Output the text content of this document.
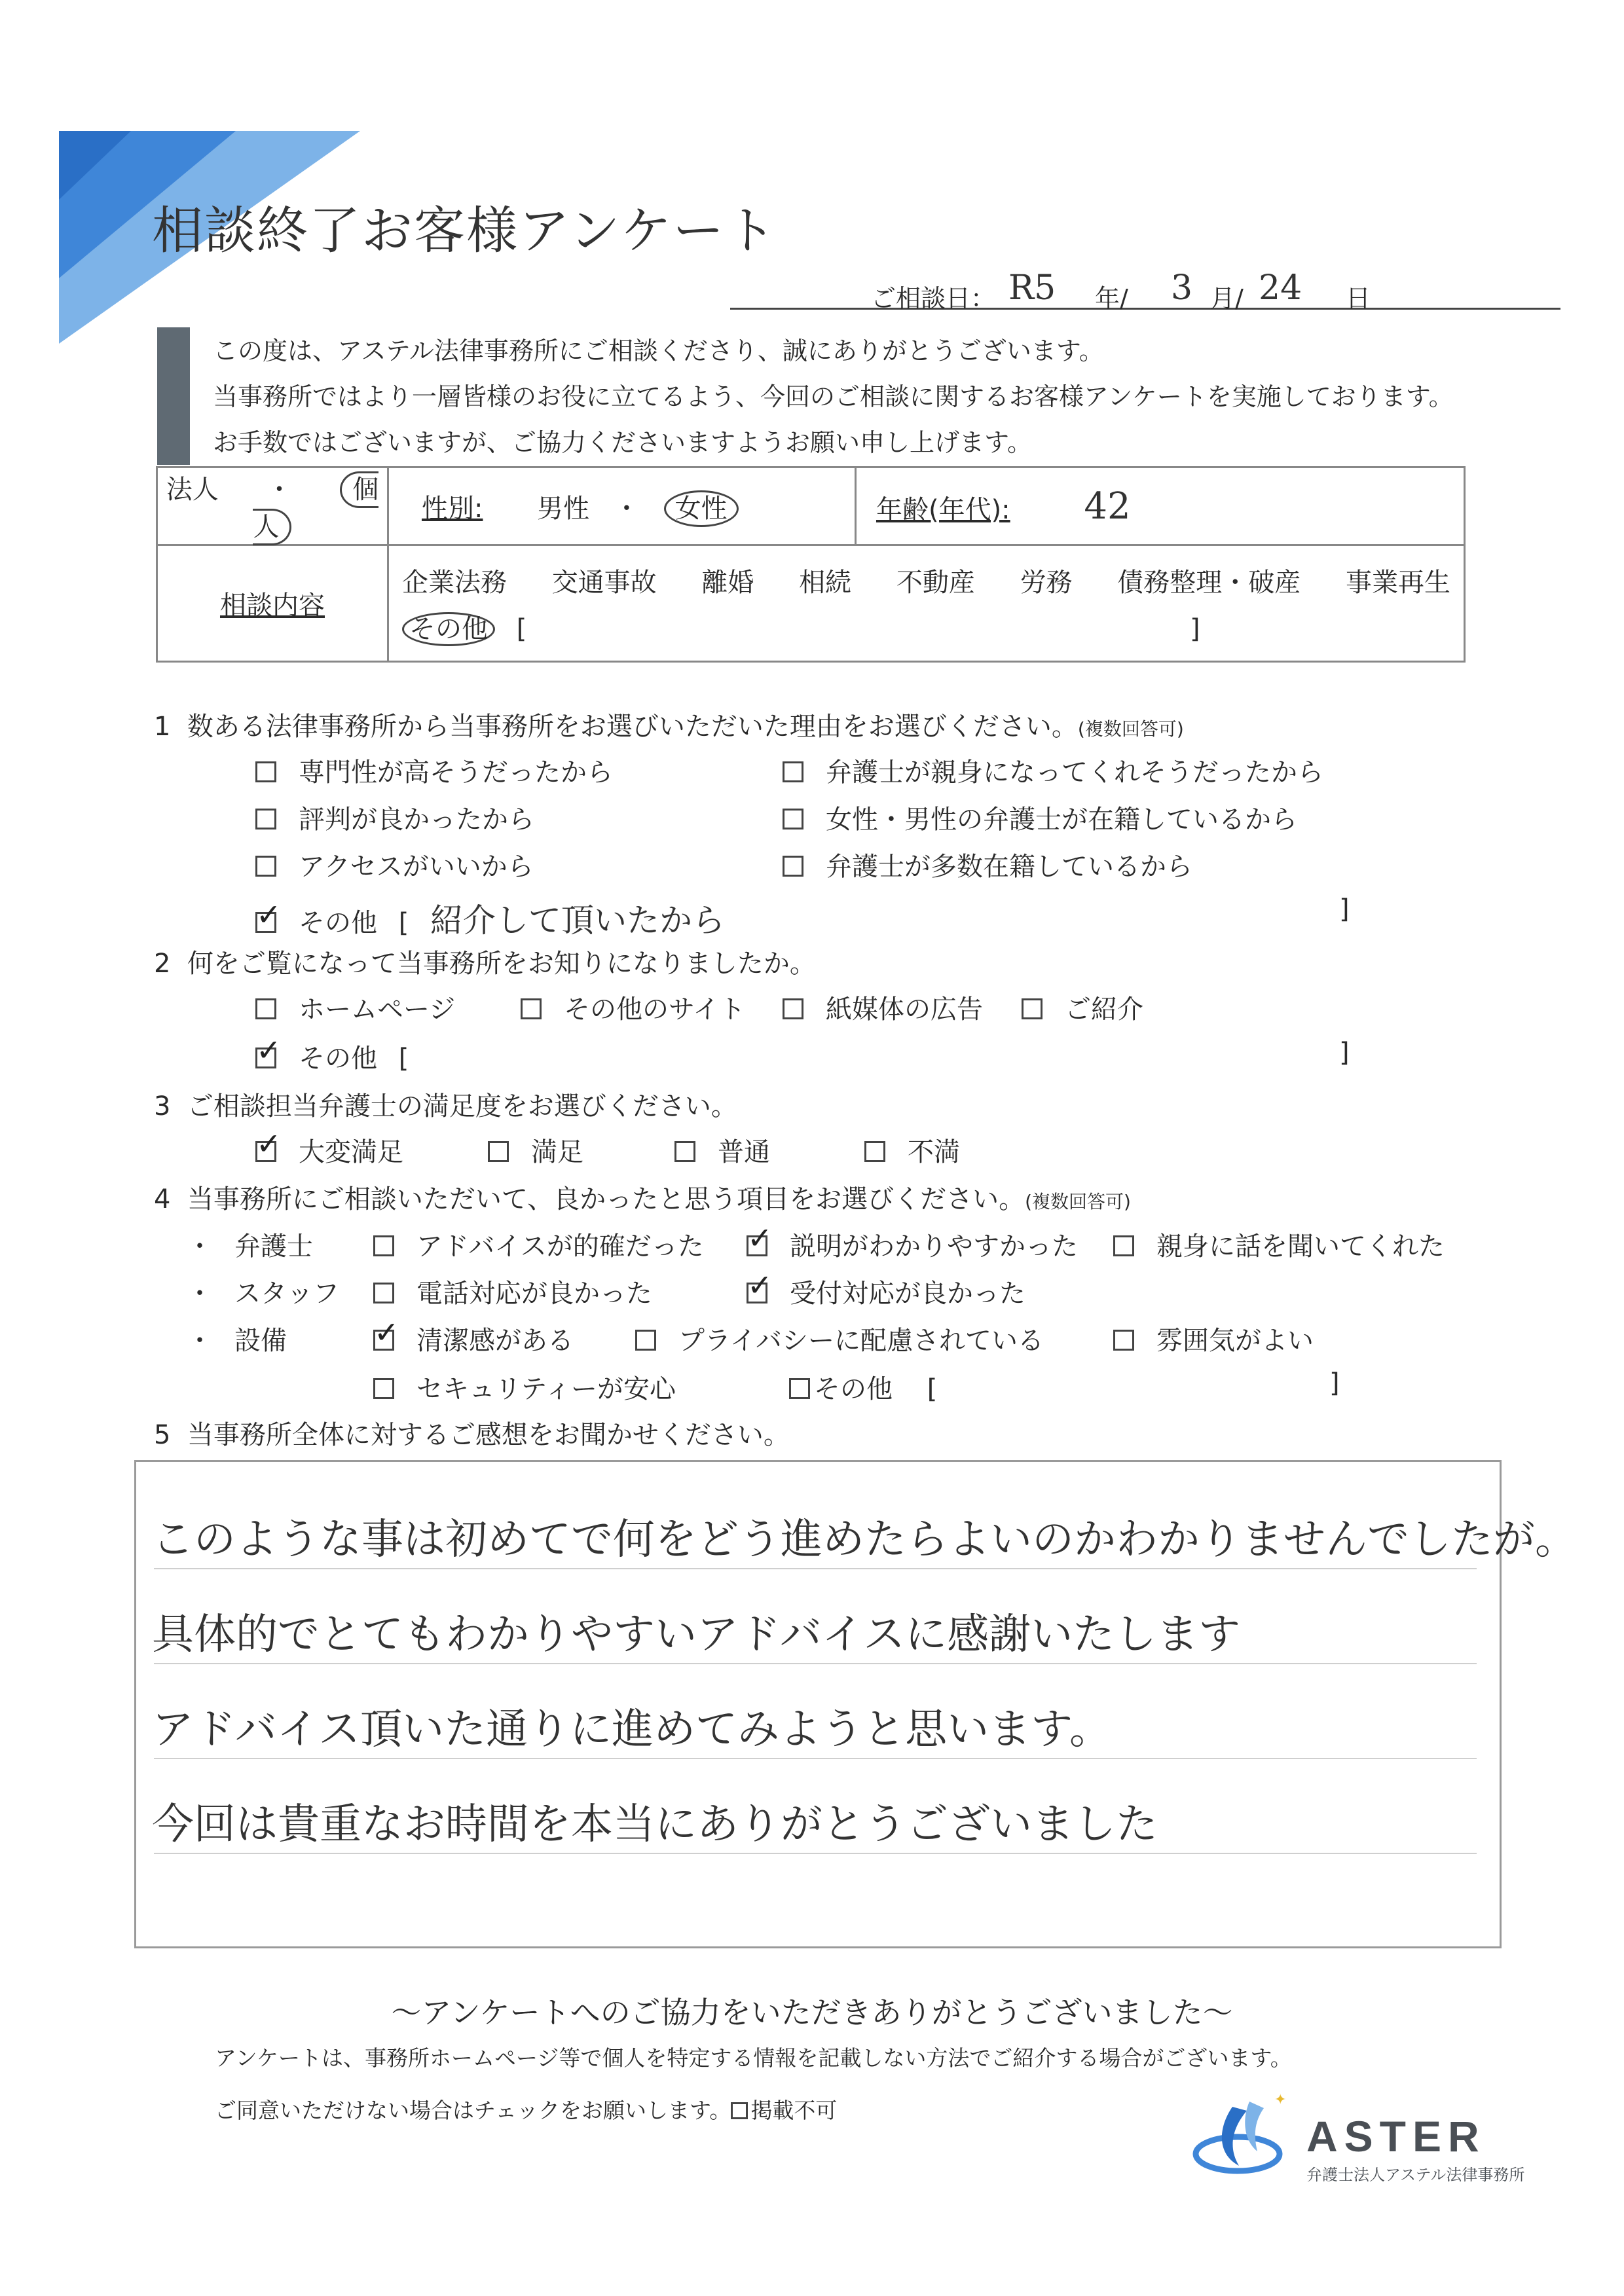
相談終了お客様アンケート
ご相談日： R5 年/ 3 月/ 24 日
この度は、アステル法律事務所にご相談くださり、誠にありがとうございます。
当事務所ではより一層皆様のお役に立てるよう、今回のご相談に関するお客様アンケートを実施しております。
お手数ではございますが、ご協力くださいますようお願い申し上げます。
法人 ・ 個人	性別: 男性 ・ 女性	年齢(年代): 42
相談内容	企業法務 交通事故 離婚 相続 不動産 労務 債務整理・破産 事業再生
その他 [ ]	
1 数ある法律事務所から当事務所をお選びいただいた理由をお選びください。(複数回答可)
専門性が高そうだったから	弁護士が親身になってくれそうだったから
評判が良かったから	女性・男性の弁護士が在籍しているから
アクセスがいいから	弁護士が多数在籍しているから
✓その他 [ 紹介して頂いたから	]
2 何をご覧になって当事務所をお知りになりましたか。
ホームページ	その他のサイト	紙媒体の広告	ご紹介
✓その他 [	]
3 ご相談担当弁護士の満足度をお選びください。
✓大変満足	満足	普通	不満
4 当事務所にご相談いただいて、良かったと思う項目をお選びください。(複数回答可)
・ 弁護士	アドバイスが的確だった ✓	説明がわかりやすかった	親身に話を聞いてくれた
・ スタッフ	電話対応が良かった ✓	受付対応が良かった
・ 設備 ✓	清潔感がある	プライバシーに配慮されている	雰囲気がよい
セキュリティーが安心	その他 [	]
5 当事務所全体に対するご感想をお聞かせください。
このような事は初めてで何をどう進めたらよいのかわかりませんでしたが。
具体的でとてもわかりやすいアドバイスに感謝いたします
アドバイス頂いた通りに進めてみようと思います。
今回は貴重なお時間を本当にありがとうございました
〜アンケートへのご協力をいただきありがとうございました〜
アンケートは、事務所ホームページ等で個人を特定する情報を記載しない方法でご紹介する場合がございます。
ご同意いただけない場合はチェックをお願いします。 掲載不可	✦
ASTER
弁護士法人アステル法律事務所
